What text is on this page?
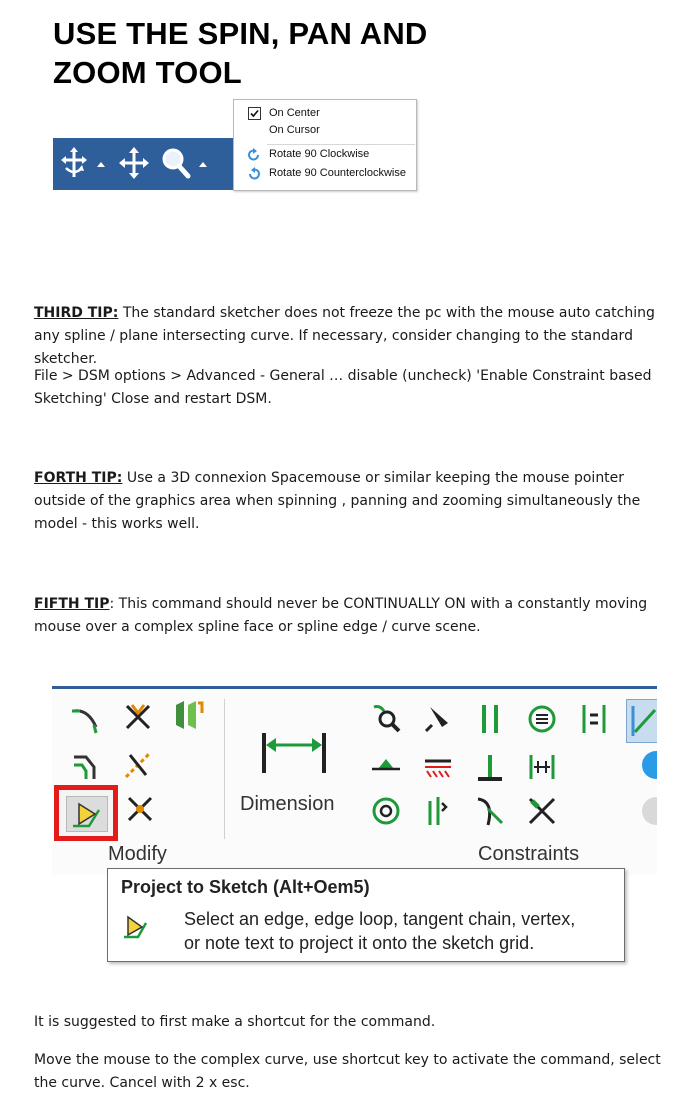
USE THE SPIN, PAN AND
ZOOM TOOL
On Center
On Cursor
Rotate 90 Clockwise
Rotate 90 Counterclockwise
THIRD TIP: The standard sketcher does not freeze the pc with the mouse auto catching any spline / plane intersecting curve. If necessary, consider changing to the standard sketcher.
File > DSM options > Advanced - General … disable (uncheck) 'Enable Constraint based Sketching' Close and restart DSM.
FORTH TIP: Use a 3D connexion Spacemouse or similar keeping the mouse pointer outside of the graphics area when spinning , panning and zooming simultaneously the model - this works well.
FIFTH TIP: This command should never be CONTINUALLY ON with a constantly moving mouse over a complex spline face or spline edge / curve scene.
Dimension
Modify	Constraints
Project to Sketch (Alt+Oem5)
Select an edge, edge loop, tangent chain, vertex,
or note text to project it onto the sketch grid.
It is suggested to first make a shortcut for the command.
Move the mouse to the complex curve, use shortcut key to activate the command, select the curve. Cancel with 2 x esc.
